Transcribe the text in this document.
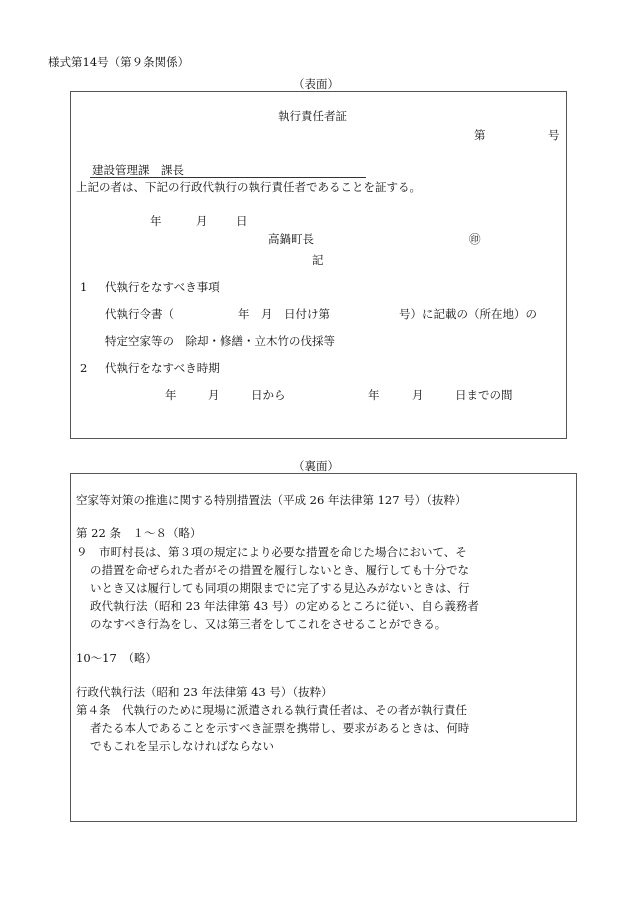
様式第14号（第９条関係）
（表面）
執行責任者証
第	号
建設管理課　課長
上記の者は、下記の行政代執行の執行責任者であることを証する。
年	月 日
高鍋町長	㊞
記
1 代執行をなすべき事項
代執行令書（	年　月　日付け第	号）に記載の（所在地）の
特定空家等の　除却・修繕・立木竹の伐採等
2 代執行をなすべき時期
年	月	日から	年	月	日までの間
（裏面）
空家等対策の推進に関する特別措置法（平成 26 年法律第 127 号）（抜粋）
第 22 条　１～８（略）
９　市町村長は、第３項の規定により必要な措置を命じた場合において、そ
の措置を命ぜられた者がその措置を履行しないとき、履行しても十分でな
いとき又は履行しても同項の期限までに完了する見込みがないときは、行
政代執行法（昭和 23 年法律第 43 号）の定めるところに従い、自ら義務者
のなすべき行為をし、又は第三者をしてこれをさせることができる。
10～17　（略）
行政代執行法（昭和 23 年法律第 43 号）（抜粋）
第４条　代執行のために現場に派遣される執行責任者は、その者が執行責任
者たる本人であることを示すべき証票を携帯し、要求があるときは、何時
でもこれを呈示しなければならない
